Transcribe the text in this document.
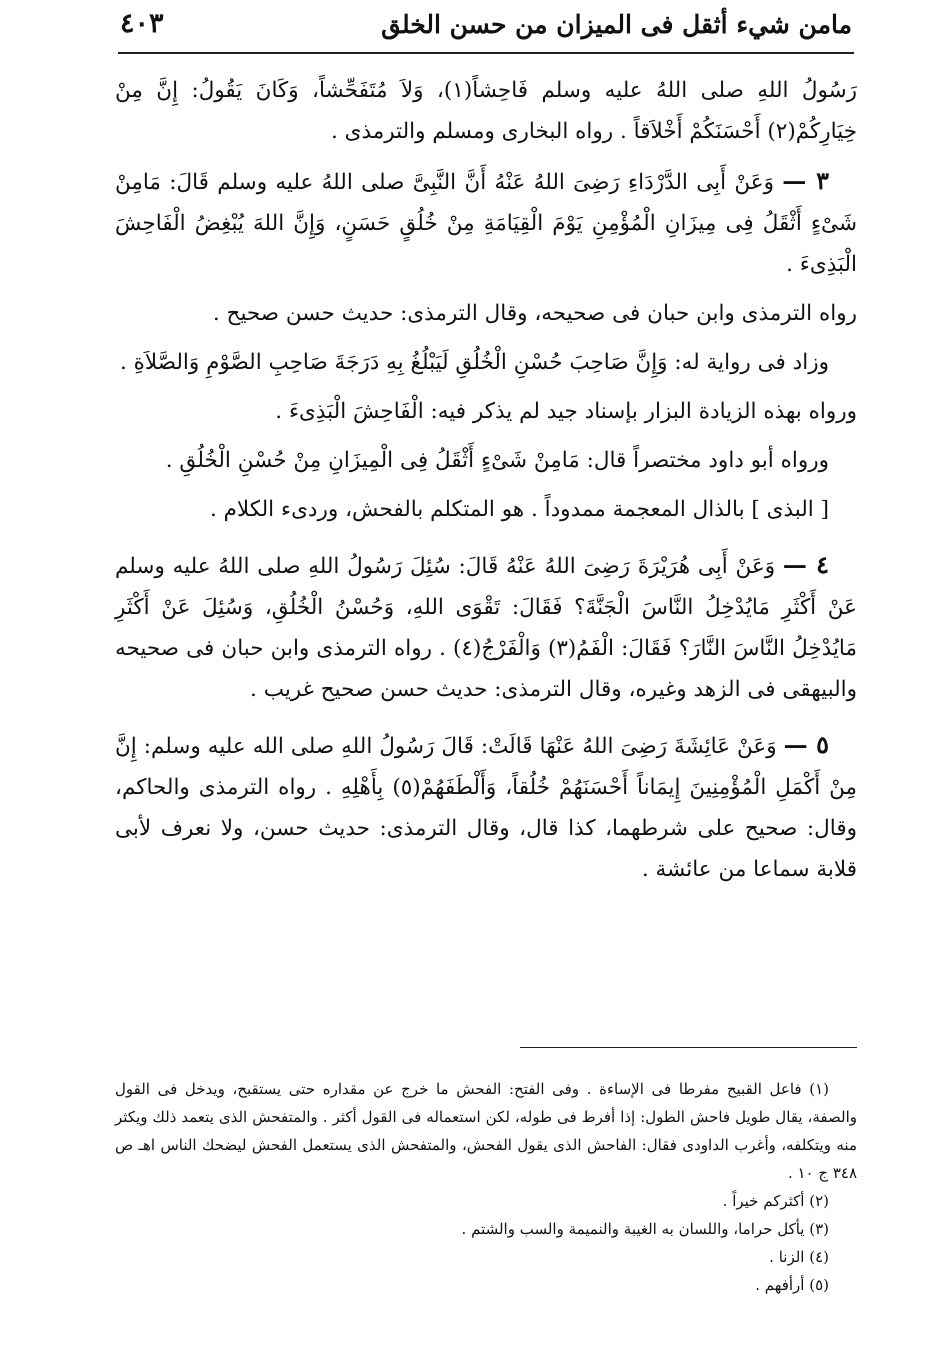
مامن شيء أثقل فى الميزان من حسن الخلق
٤٠٣

رَسُولُ اللهِ صلى اللهُ عليه وسلم فَاحِشاً(١)، وَلاَ مُتَفَحِّشاً، وَكَانَ يَقُولُ: إِنَّ مِنْ خِيَارِكُمْ(٢) أَحْسَنَكُمْ أَخْلاَقاً . رواه البخارى ومسلم والترمذى .

٣ — وَعَنْ أَبِى الدَّرْدَاءِ رَضِىَ اللهُ عَنْهُ أَنَّ النَّبِىَّ صلى اللهُ عليه وسلم قَالَ: مَامِنْ شَىْءٍ أَثْقَلُ فِى مِيزَانِ الْمُؤْمِنِ يَوْمَ الْقِيَامَةِ مِنْ خُلُقٍ حَسَنٍ، وَإِنَّ اللهَ يُبْغِضُ الْفَاحِشَ الْبَذِىءَ .

رواه الترمذى وابن حبان فى صحيحه، وقال الترمذى: حديث حسن صحيح .

وزاد فى رواية له: وَإِنَّ صَاحِبَ حُسْنِ الْخُلُقِ لَيَبْلُغُ بِهِ دَرَجَةَ صَاحِبِ الصَّوْمِ وَالصَّلاَةِ .

ورواه بهذه الزيادة البزار بإسناد جيد لم يذكر فيه: الْفَاحِشَ الْبَذِىءَ .

ورواه أبو داود مختصراً قال: مَامِنْ شَىْءٍ أَثْقَلُ فِى الْمِيزَانِ مِنْ حُسْنِ الْخُلُقِ .

[ البذى ] بالذال المعجمة ممدوداً . هو المتكلم بالفحش، وردىء الكلام .

٤ — وَعَنْ أَبِى هُرَيْرَةَ رَضِىَ اللهُ عَنْهُ قَالَ: سُئِلَ رَسُولُ اللهِ صلى اللهُ عليه وسلم عَنْ أَكْثَرِ مَايُدْخِلُ النَّاسَ الْجَنَّةَ؟ فَقَالَ: تَقْوَى اللهِ، وَحُسْنُ الْخُلُقِ، وَسُئِلَ عَنْ أَكْثَرِ مَايُدْخِلُ النَّاسَ النَّارَ؟ فَقَالَ: الْفَمُ(٣) وَالْفَرْجُ(٤) . رواه الترمذى وابن حبان فى صحيحه والبيهقى فى الزهد وغيره، وقال الترمذى: حديث حسن صحيح غريب .

٥ — وَعَنْ عَائِشَةَ رَضِىَ اللهُ عَنْهَا قَالَتْ: قَالَ رَسُولُ اللهِ صلى الله عليه وسلم: إِنَّ مِنْ أَكْمَلِ الْمُؤْمِنِينَ إِيمَاناً أَحْسَنَهُمْ خُلُقاً، وَأَلْطَفَهُمْ(٥) بِأَهْلِهِ . رواه الترمذى والحاكم، وقال: صحيح على شرطهما، كذا قال، وقال الترمذى: حديث حسن، ولا نعرف لأبى قلابة سماعا من عائشة .

(١) فاعل القبيح مفرطا فى الإساءة . وفى الفتح: الفحش ما خرج عن مقداره حتى يستقبح، ويدخل فى القول والصفة، يقال طويل فاحش الطول: إذا أفرط فى طوله، لكن استعماله فى القول أكثر . والمتفحش الذى يتعمد ذلك ويكثر منه ويتكلفه، وأغرب الداودى فقال: الفاحش الذى يقول الفحش، والمتفحش الذى يستعمل الفحش ليضحك الناس اهـ ص ٣٤٨ ج ١٠ .

(٢) أكثركم خيراً .

(٣) يأكل حراما، واللسان به الغيبة والنميمة والسب والشتم .

(٤) الزنا .

(٥) أرأفهم .
